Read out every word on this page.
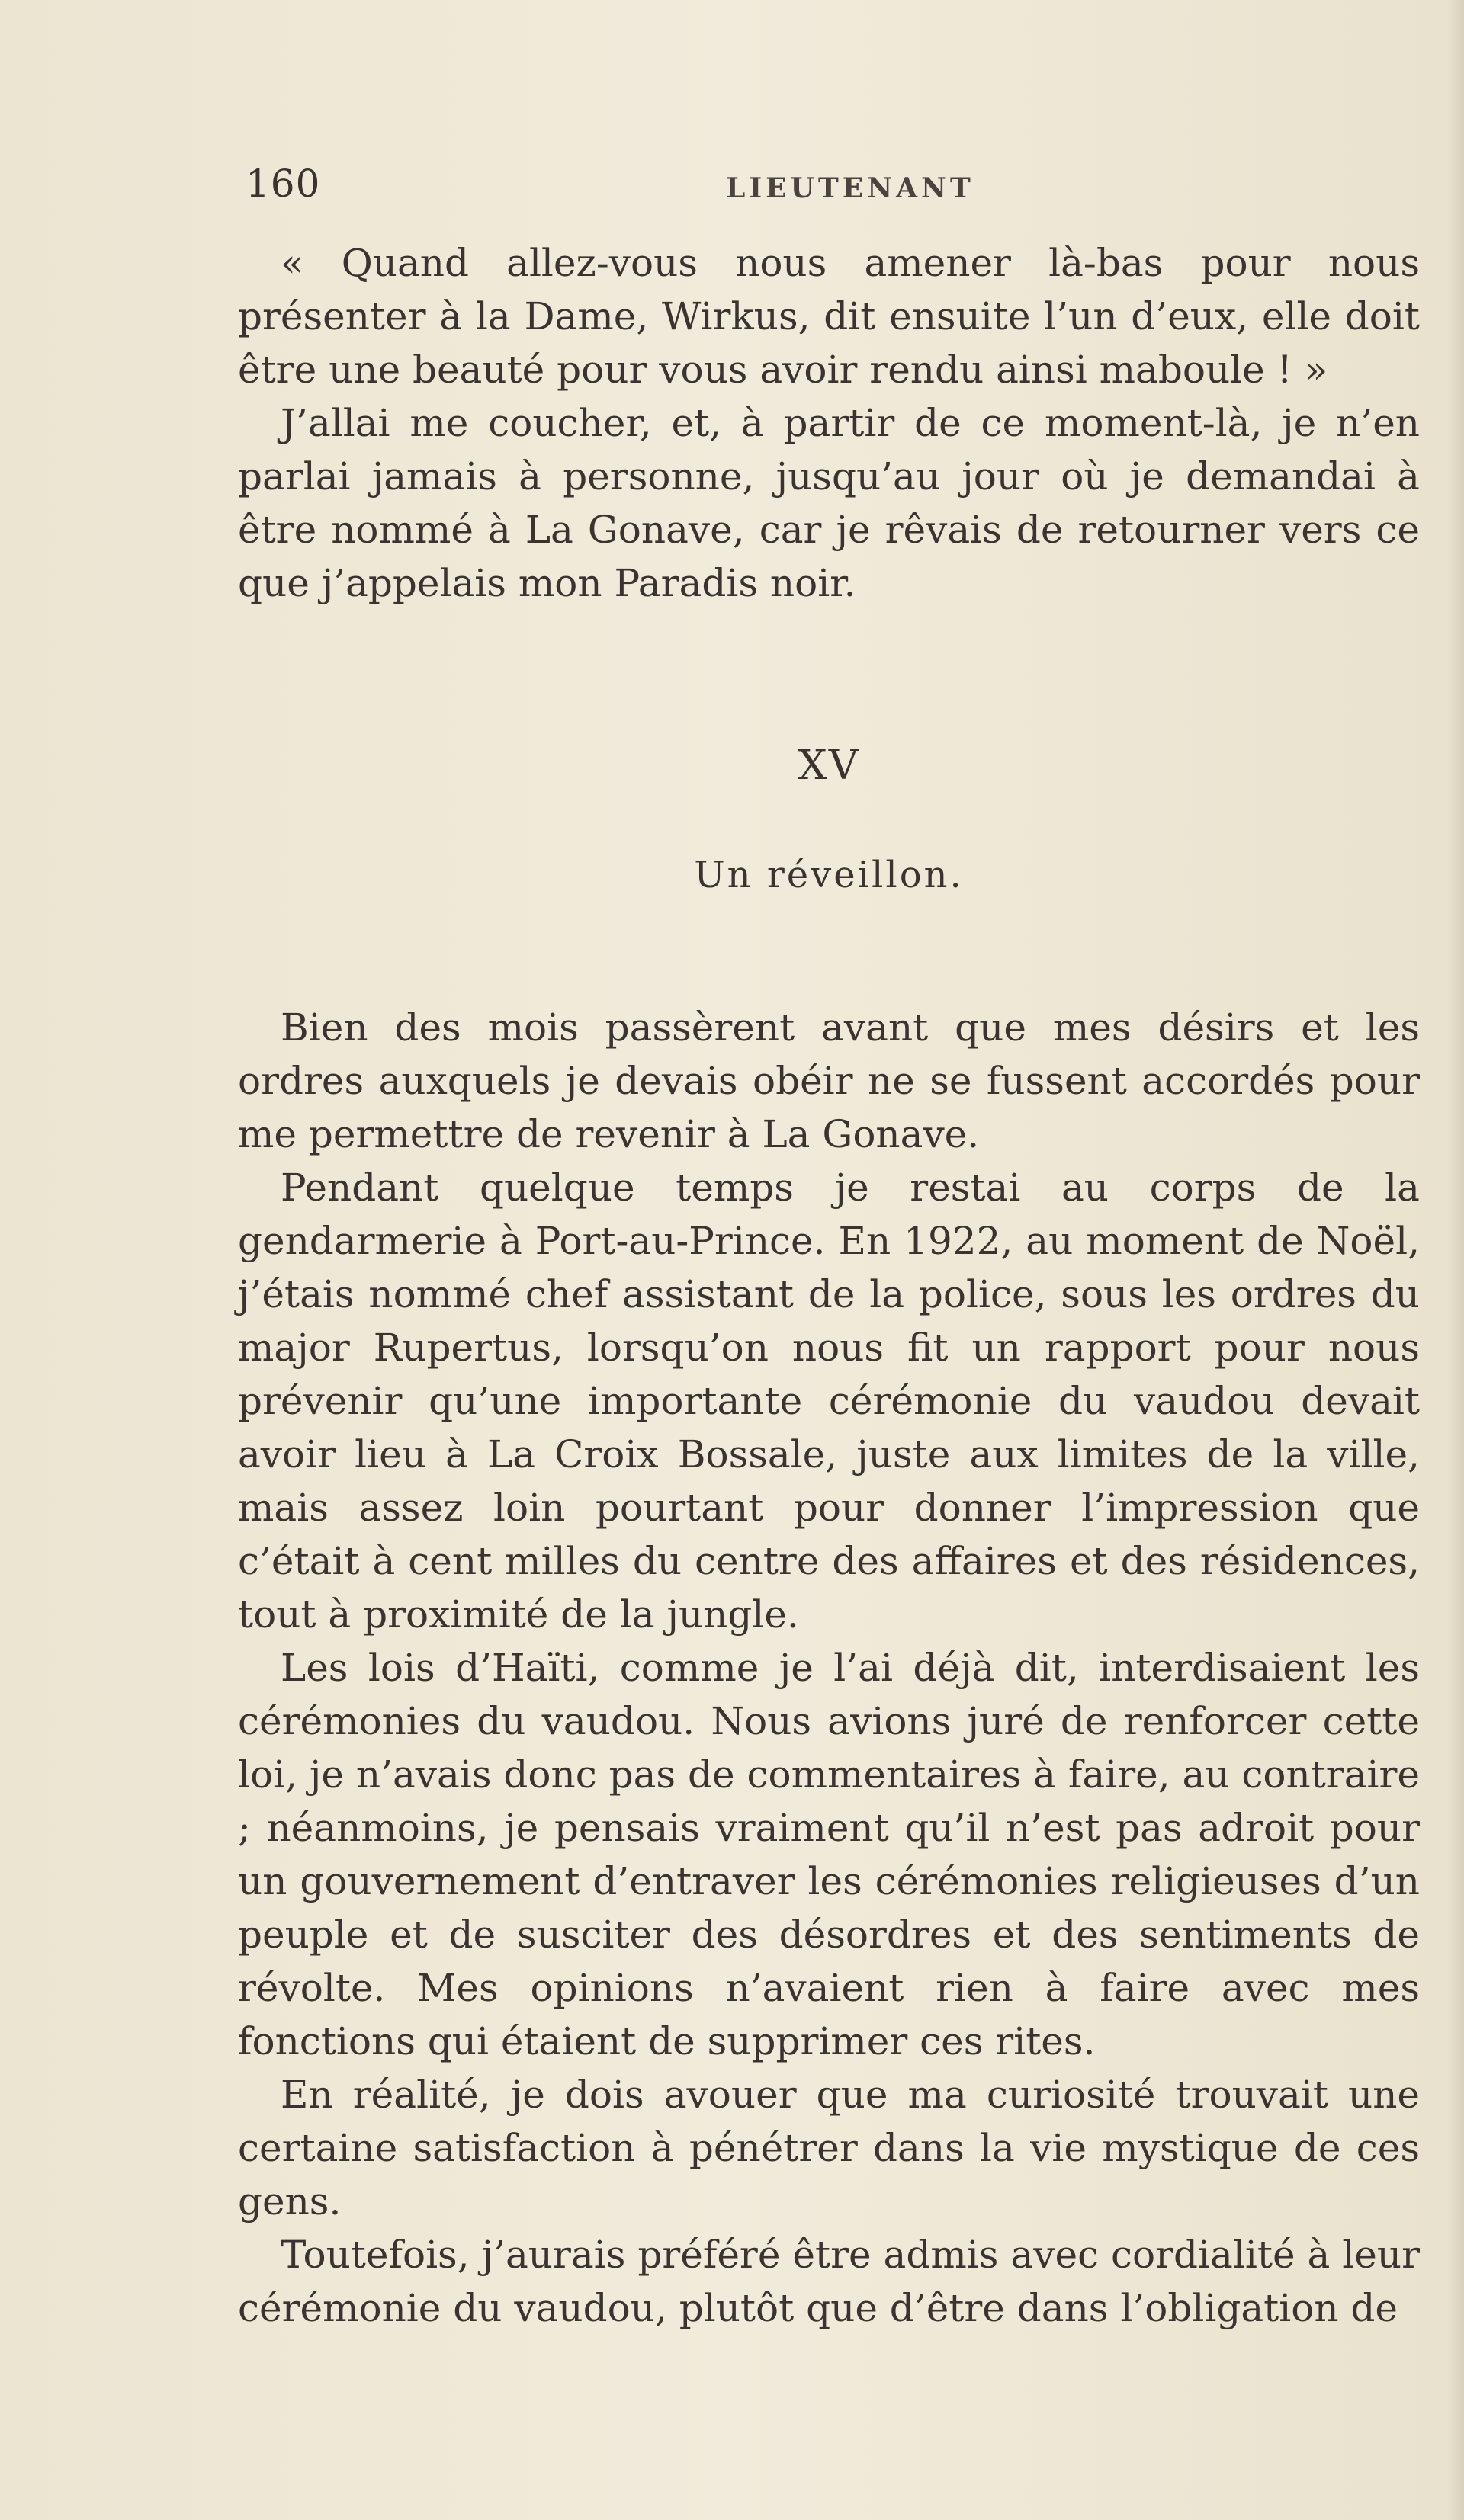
160	LIEUTENANT

« Quand allez-vous nous amener là-bas pour nous présenter à la Dame, Wirkus, dit ensuite l’un d’eux, elle doit être une beauté pour vous avoir rendu ainsi maboule ! »

J’allai me coucher, et, à partir de ce moment-là, je n’en parlai jamais à personne, jusqu’au jour où je demandai à être nommé à La Gonave, car je rêvais de retourner vers ce que j’appelais mon Paradis noir.

XV
Un réveillon.

Bien des mois passèrent avant que mes désirs et les ordres auxquels je devais obéir ne se fussent accordés pour me permettre de revenir à La Gonave.

Pendant quelque temps je restai au corps de la gendarmerie à Port-au-Prince. En 1922, au moment de Noël, j’étais nommé chef assistant de la police, sous les ordres du major Rupertus, lorsqu’on nous fit un rapport pour nous prévenir qu’une importante cérémonie du vaudou devait avoir lieu à La Croix Bossale, juste aux limites de la ville, mais assez loin pourtant pour donner l’impression que c’était à cent milles du centre des affaires et des résidences, tout à proximité de la jungle.

Les lois d’Haïti, comme je l’ai déjà dit, interdisaient les cérémonies du vaudou. Nous avions juré de renforcer cette loi, je n’avais donc pas de commentaires à faire, au contraire ; néanmoins, je pensais vraiment qu’il n’est pas adroit pour un gouvernement d’entraver les cérémonies religieuses d’un peuple et de susciter des désordres et des sentiments de révolte. Mes opinions n’avaient rien à faire avec mes fonctions qui étaient de supprimer ces rites.

En réalité, je dois avouer que ma curiosité trouvait une certaine satisfaction à pénétrer dans la vie mystique de ces gens.

Toutefois, j’aurais préféré être admis avec cordialité à leur cérémonie du vaudou, plutôt que d’être dans l’obligation de
